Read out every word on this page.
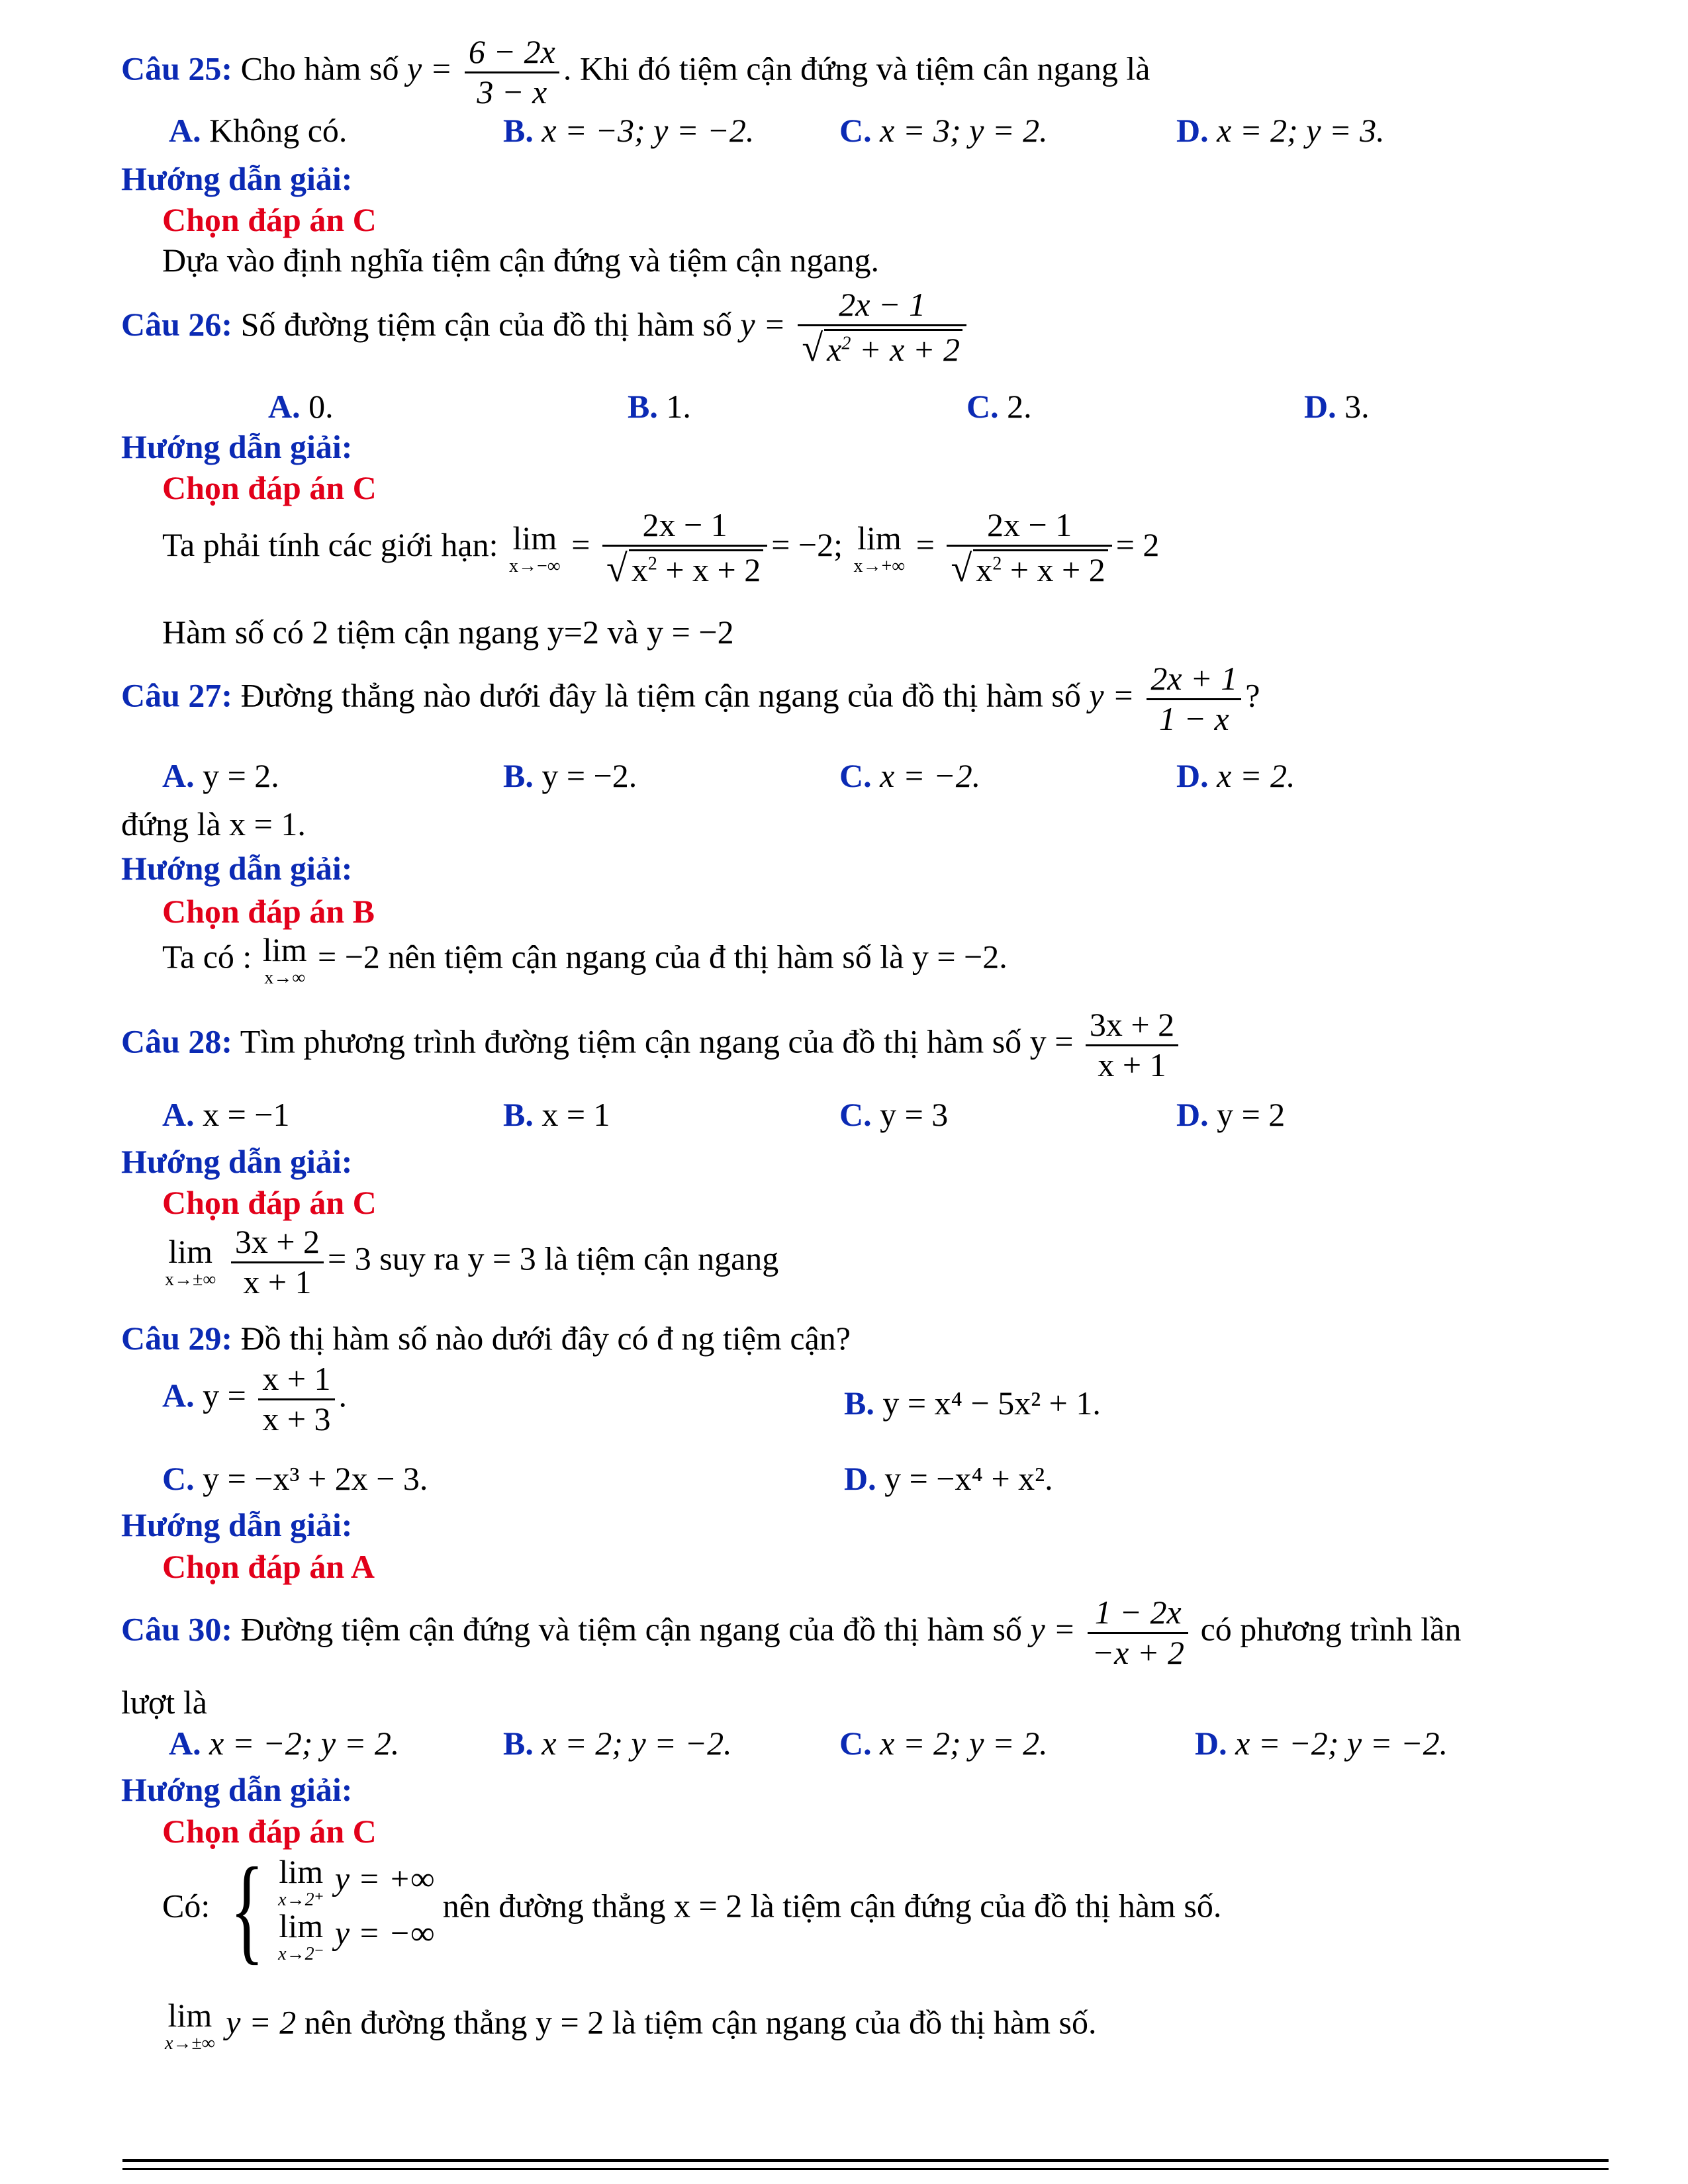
Câu 25: Cho hàm số $y = \frac{6 - 2x}{3 - x}$ . Khi đó tiệm cận đứng và tiệm cân ngang là
A. Không có.	B. x = −3; y = −2.	C. x = 3; y = 2.	D. x = 2; y = 3.
Hướng dẫn giải:
Chọn đáp án C
Dựa vào định nghĩa tiệm cận đứng và tiệm cận ngang.
Câu 26: Số đường tiệm cận của đồ thị hàm số $y = \frac{2x - 1}{√ x^2 + x + 2}$
A. 0.	B. 1.	C. 2.	D. 3.
Hướng dẫn giải:
Chọn đáp án C
Ta phải tính các giới hạn: lim
x→−∞
= $\frac{2x - 1}{√ x^2 + x + 2} = -2$; lim
x→+∞
= $\frac{2x - 1}{√ x^2 + x + 2} = 2$
Hàm số có 2 tiệm cận ngang y=2 và y = −2
Câu 27: Đường thẳng nào dưới đây là tiệm cận ngang của đồ thị hàm số $y = \frac{2x + 1}{1 - x}$ ?
A. y = 2.	B. y = −2.	C. x = −2.	D. x = 2.
đứng là x = 1.
Hướng dẫn giải:
Chọn đáp án B
Ta có : lim
x→∞
= −2 nên tiệm cận ngang của đ thị hàm số là y = −2.
Câu 28: Tìm phương trình đường tiệm cận ngang của đồ thị hàm số $y = \frac{3x + 2}{x + 1}$
A. x = −1	B. x = 1	C. y = 3	D. y = 2
Hướng dẫn giải:
Chọn đáp án C
lim
x→±∞
$\frac{3x + 2}{x + 1} = 3$ suy ra y = 3 là tiệm cận ngang
Câu 29: Đồ thị hàm số nào dưới đây có đ ng tiệm cận?
A. $y = \frac{x + 1}{x + 3}$ .	B. y = x⁴ − 5x² + 1.
C. y = −x³ + 2x − 3.	D. y = −x⁴ + x².
Hướng dẫn giải:
Chọn đáp án A
Câu 30: Đường tiệm cận đứng và tiệm cận ngang của đồ thị hàm số $y = \frac{1 - 2x}{-x + 2}$ có phương trình lần
lượt là
A. x = −2; y = 2.	B. x = 2; y = −2.	C. x = 2; y = 2.	D. x = −2; y = −2.
Hướng dẫn giải:
Chọn đáp án C
Có: { lim
x→2⁺
y = +∞
lim
x→2⁻
y = −∞
nên đường thẳng x = 2 là tiệm cận đứng của đồ thị hàm số.
lim
x→±∞
y = 2 nên đường thẳng y = 2 là tiệm cận ngang của đồ thị hàm số.
